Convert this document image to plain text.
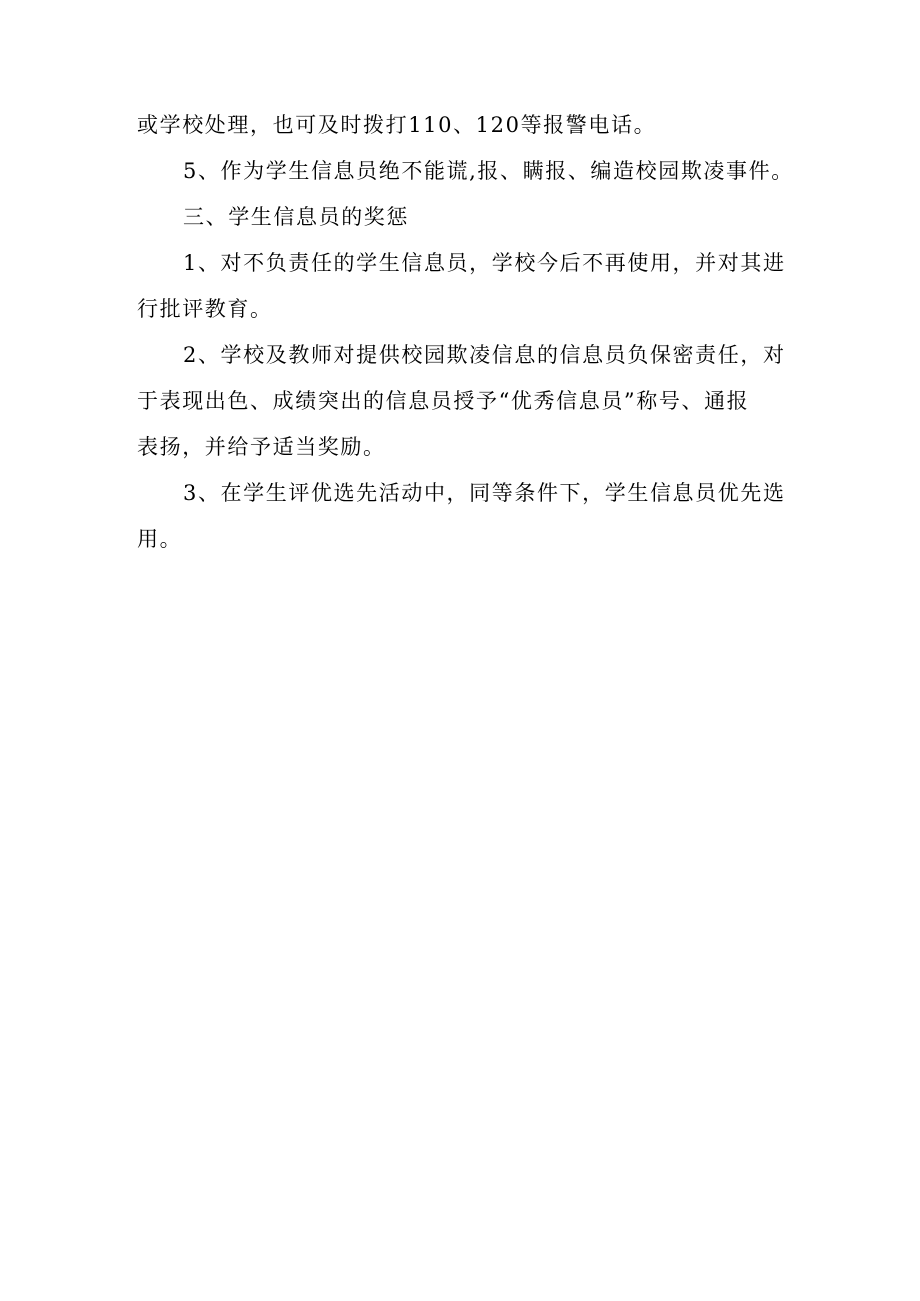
或学校处理，也可及时拨打110、120等报警电话。

5、作为学生信息员绝不能谎,报、瞒报、编造校园欺凌事件。

三、学生信息员的奖惩

1、对不负责任的学生信息员，学校今后不再使用，并对其进
行批评教育。

2、学校及教师对提供校园欺凌信息的信息员负保密责任，对
于表现出色、成绩突出的信息员授予“优秀信息员”称号、通报
表扬，并给予适当奖励。

3、在学生评优选先活动中，同等条件下，学生信息员优先选
用。
